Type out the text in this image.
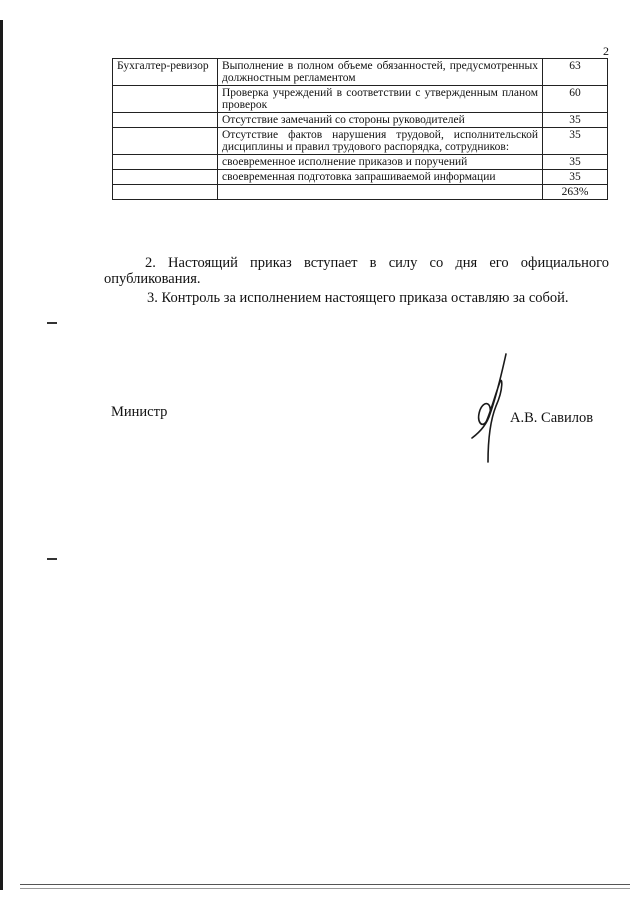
2
Бухгалтер-ревизор	Выполнение в полном объеме обязанностей, предусмотренных должностным регламентом	63
	Проверка учреждений в соответствии с утвержденным планом проверок	60
	Отсутствие замечаний со стороны руководителей	35
	Отсутствие фактов нарушения трудовой, исполнительской дисциплины и правил трудового распорядка, сотрудников:	35
	своевременное исполнение приказов и поручений	35
	своевременная подготовка запрашиваемой информации	35
		263%
2. Настоящий приказ вступает в силу со дня его официального
опубликования.
3. Контроль за исполнением настоящего приказа оставляю за собой.
Министр	А.В. Савилов
